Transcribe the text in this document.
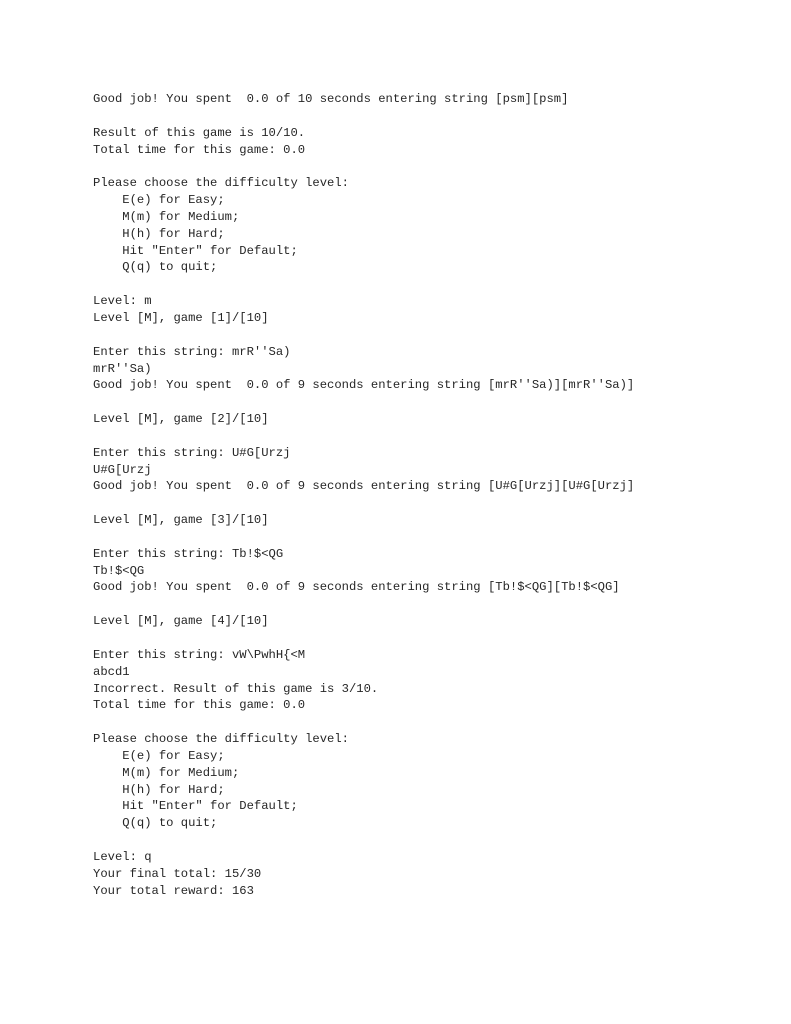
Good job! You spent  0.0 of 10 seconds entering string [psm][psm]
Result of this game is 10/10.
Total time for this game: 0.0
Please choose the difficulty level:
E(e) for Easy;
M(m) for Medium;
H(h) for Hard;
Hit "Enter" for Default;
Q(q) to quit;
Level: m
Level [M], game [1]/[10]
Enter this string: mrR''Sa)
mrR''Sa)
Good job! You spent  0.0 of 9 seconds entering string [mrR''Sa)][mrR''Sa)]
Level [M], game [2]/[10]
Enter this string: U#G[Urzj
U#G[Urzj
Good job! You spent  0.0 of 9 seconds entering string [U#G[Urzj][U#G[Urzj]
Level [M], game [3]/[10]
Enter this string: Tb!$<QG
Tb!$<QG
Good job! You spent  0.0 of 9 seconds entering string [Tb!$<QG][Tb!$<QG]
Level [M], game [4]/[10]
Enter this string: vW\PwhH{<M
abcd1
Incorrect. Result of this game is 3/10.
Total time for this game: 0.0
Please choose the difficulty level:
E(e) for Easy;
M(m) for Medium;
H(h) for Hard;
Hit "Enter" for Default;
Q(q) to quit;
Level: q
Your final total: 15/30
Your total reward: 163
